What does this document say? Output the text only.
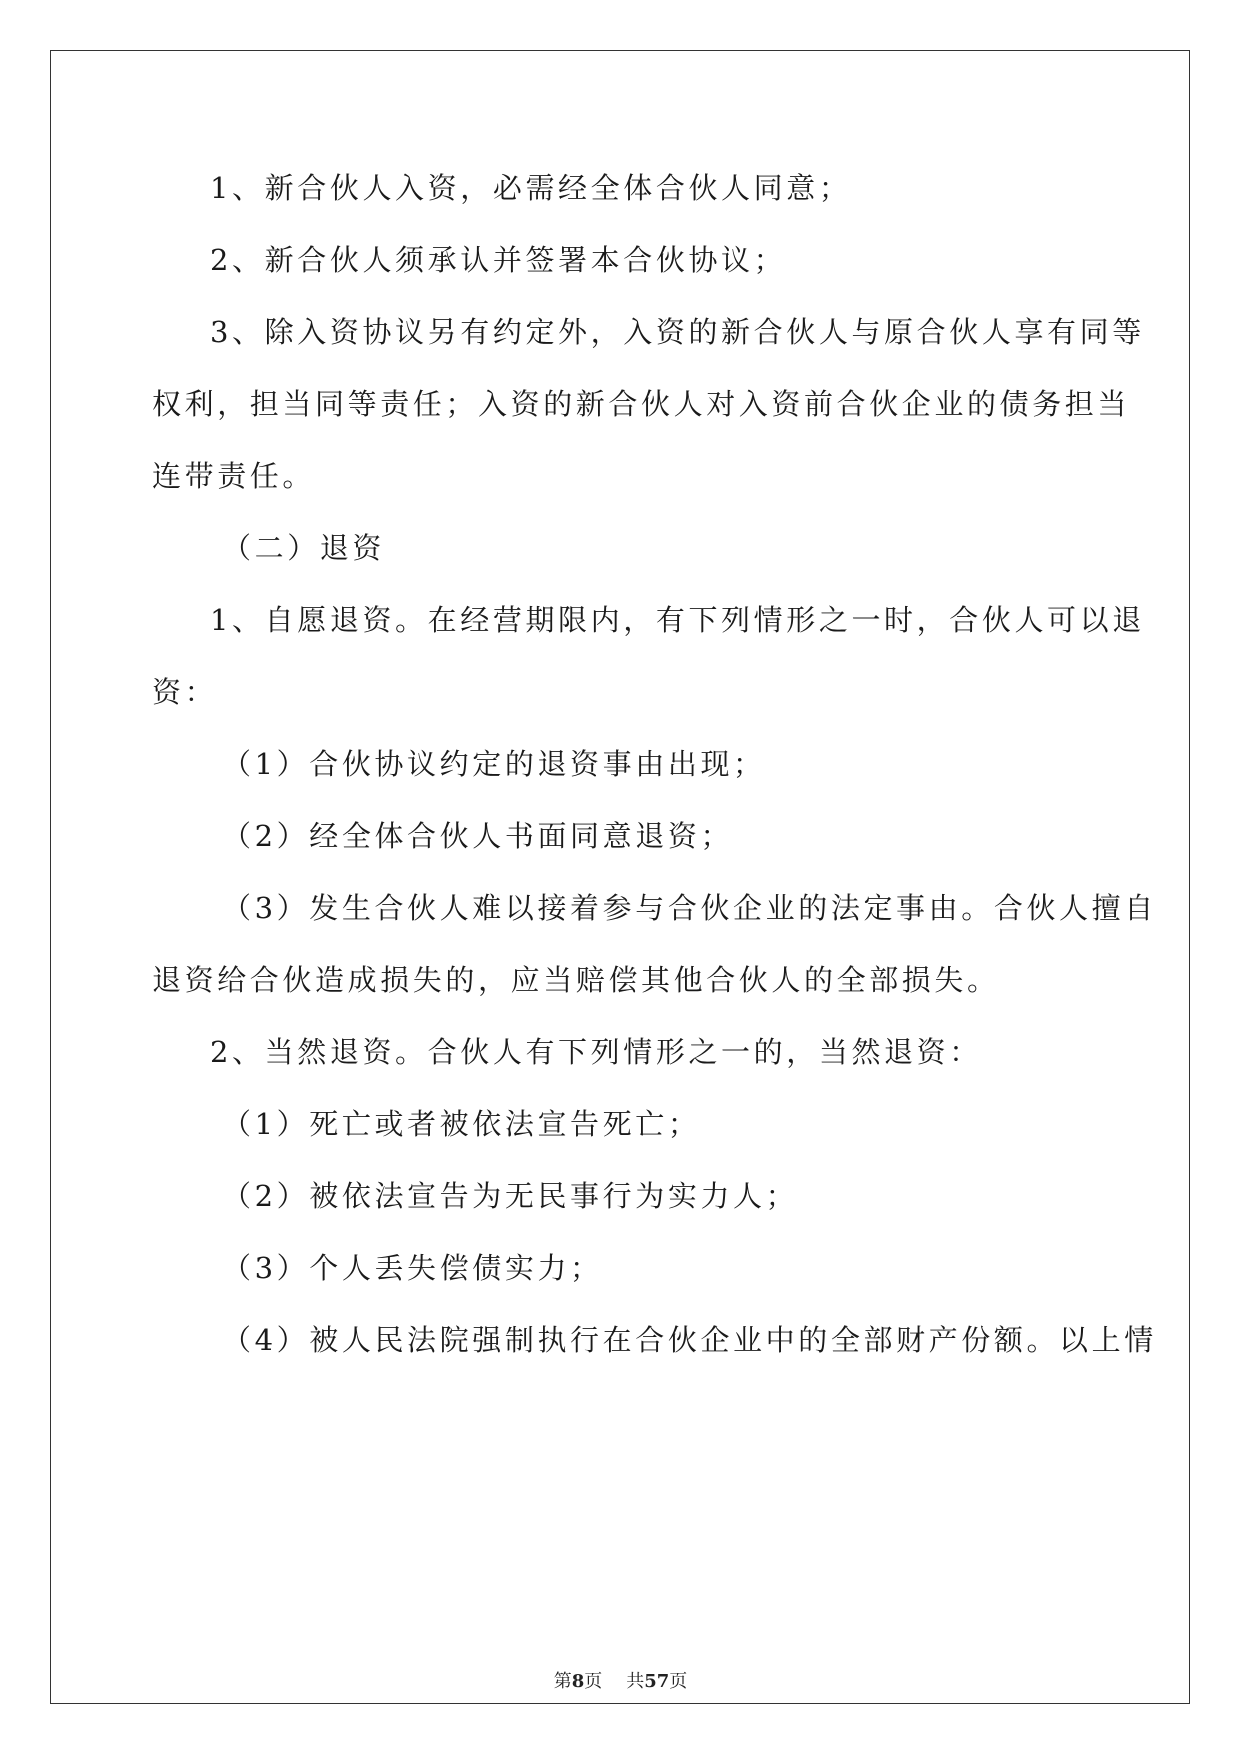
1、新合伙人入资，必需经全体合伙人同意；
2、新合伙人须承认并签署本合伙协议；
3、除入资协议另有约定外，入资的新合伙人与原合伙人享有同等
权利，担当同等责任；入资的新合伙人对入资前合伙企业的债务担当
连带责任。
（二）退资
1、自愿退资。在经营期限内，有下列情形之一时，合伙人可以退
资：
（1）合伙协议约定的退资事由出现；
（2）经全体合伙人书面同意退资；
（3）发生合伙人难以接着参与合伙企业的法定事由。合伙人擅自
退资给合伙造成损失的，应当赔偿其他合伙人的全部损失。
2、当然退资。合伙人有下列情形之一的，当然退资：
（1）死亡或者被依法宣告死亡；
（2）被依法宣告为无民事行为实力人；
（3）个人丢失偿债实力；
（4）被人民法院强制执行在合伙企业中的全部财产份额。以上情
第8页 共57页
